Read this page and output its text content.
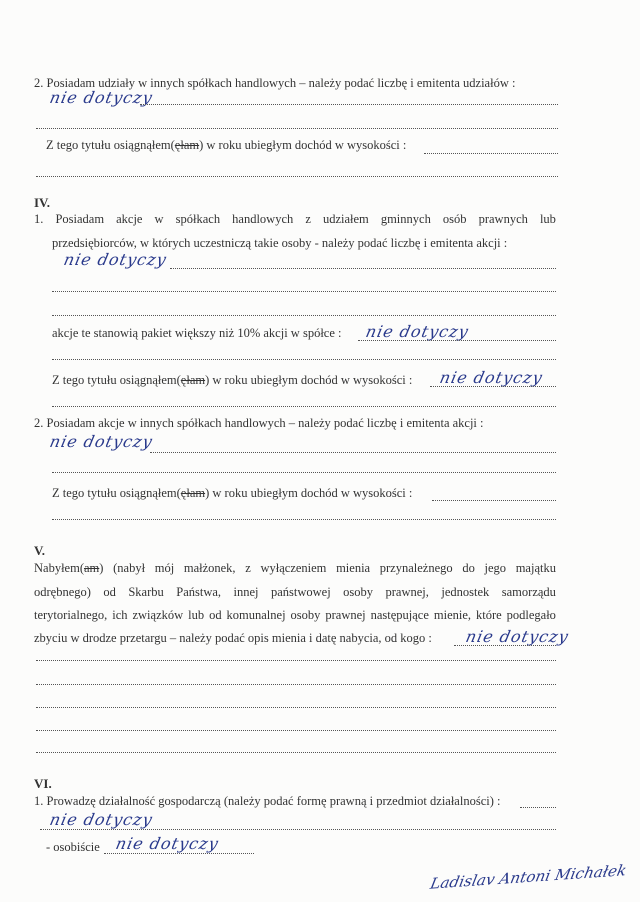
2. Posiadam udziały w innych spółkach handlowych – należy podać liczbę i emitenta udziałów :
nie dotyczy
Z tego tytułu osiągnąłem(ęłam) w roku ubiegłym dochód w wysokości :
IV.
1. Posiadam akcje w spółkach handlowych z udziałem gminnych osób prawnych lub
przedsiębiorców, w których uczestniczą takie osoby - należy podać liczbę i emitenta akcji :
nie dotyczy
akcje te stanowią pakiet większy niż 10% akcji w spółce : nie dotyczy
Z tego tytułu osiągnąłem(ęłam) w roku ubiegłym dochód w wysokości : nie dotyczy
2. Posiadam akcje w innych spółkach handlowych – należy podać liczbę i emitenta akcji :
nie dotyczy
Z tego tytułu osiągnąłem(ęłam) w roku ubiegłym dochód w wysokości :
V.
Nabyłem(am) (nabył mój małżonek, z wyłączeniem mienia przynależnego do jego majątku
odrębnego) od Skarbu Państwa, innej państwowej osoby prawnej, jednostek samorządu
terytorialnego, ich związków lub od komunalnej osoby prawnej następujące mienie, które podlegało
zbyciu w drodze przetargu – należy podać opis mienia i datę nabycia, od kogo : nie dotyczy
VI.
1. Prowadzę działalność gospodarczą (należy podać formę prawną i przedmiot działalności) :
nie dotyczy
- osobiście nie dotyczy
Ladislav Antoni Michałek
